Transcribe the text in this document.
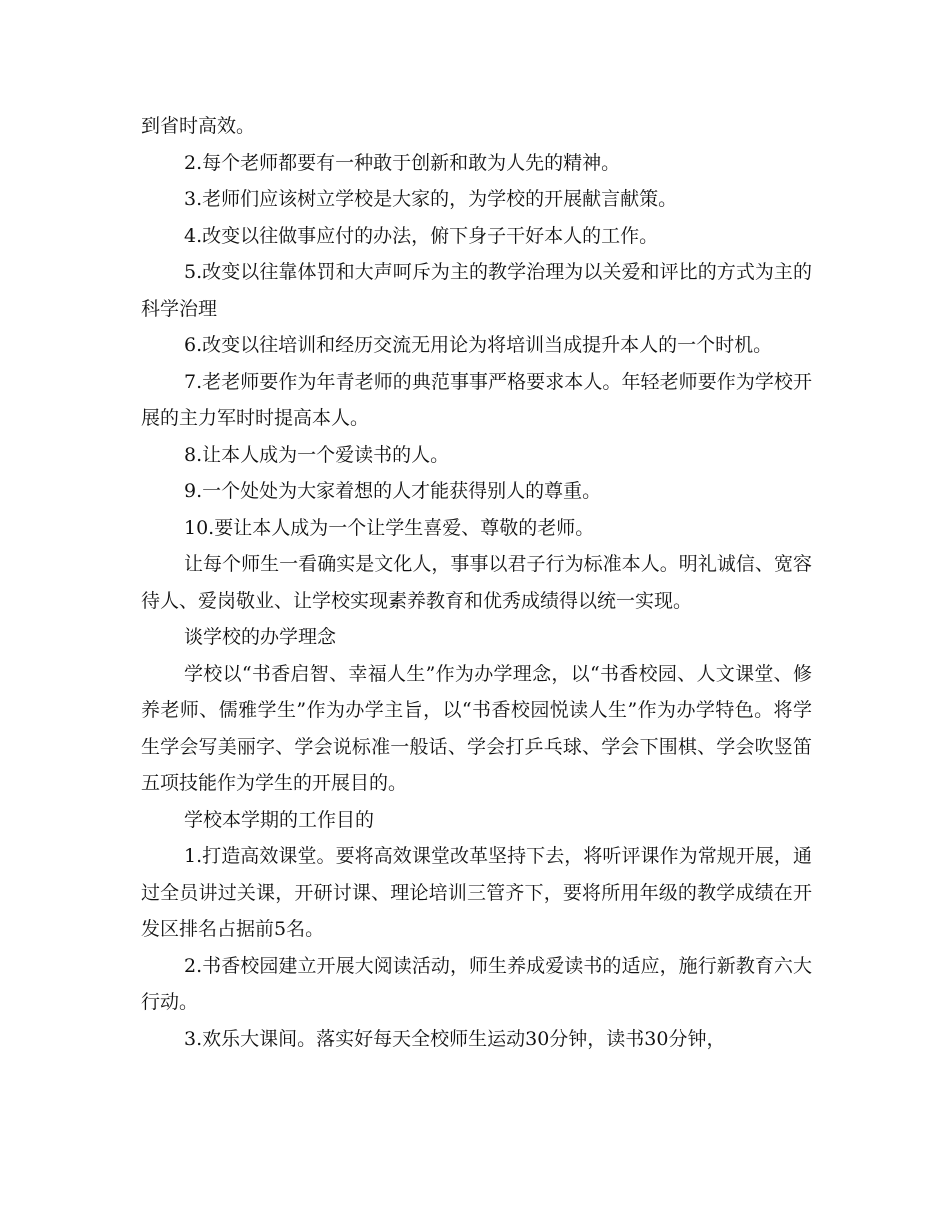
到省时高效。

2.每个老师都要有一种敢于创新和敢为人先的精神。

3.老师们应该树立学校是大家的，为学校的开展献言献策。

4.改变以往做事应付的办法，俯下身子干好本人的工作。

5.改变以往靠体罚和大声呵斥为主的教学治理为以关爱和评比的方式为主的科学治理

6.改变以往培训和经历交流无用论为将培训当成提升本人的一个时机。

7.老老师要作为年青老师的典范事事严格要求本人。年轻老师要作为学校开展的主力军时时提高本人。

8.让本人成为一个爱读书的人。

9.一个处处为大家着想的人才能获得别人的尊重。

10.要让本人成为一个让学生喜爱、尊敬的老师。

让每个师生一看确实是文化人，事事以君子行为标准本人。明礼诚信、宽容待人、爱岗敬业、让学校实现素养教育和优秀成绩得以统一实现。

谈学校的办学理念

学校以“书香启智、幸福人生”作为办学理念，以“书香校园、人文课堂、修养老师、儒雅学生”作为办学主旨，以“书香校园悦读人生”作为办学特色。将学生学会写美丽字、学会说标准一般话、学会打乒乓球、学会下围棋、学会吹竖笛五项技能作为学生的开展目的。

学校本学期的工作目的

1.打造高效课堂。要将高效课堂改革坚持下去，将听评课作为常规开展，通过全员讲过关课，开研讨课、理论培训三管齐下，要将所用年级的教学成绩在开发区排名占据前5名。

2.书香校园建立开展大阅读活动，师生养成爱读书的适应，施行新教育六大行动。

3.欢乐大课间。落实好每天全校师生运动30分钟，读书30分钟，
